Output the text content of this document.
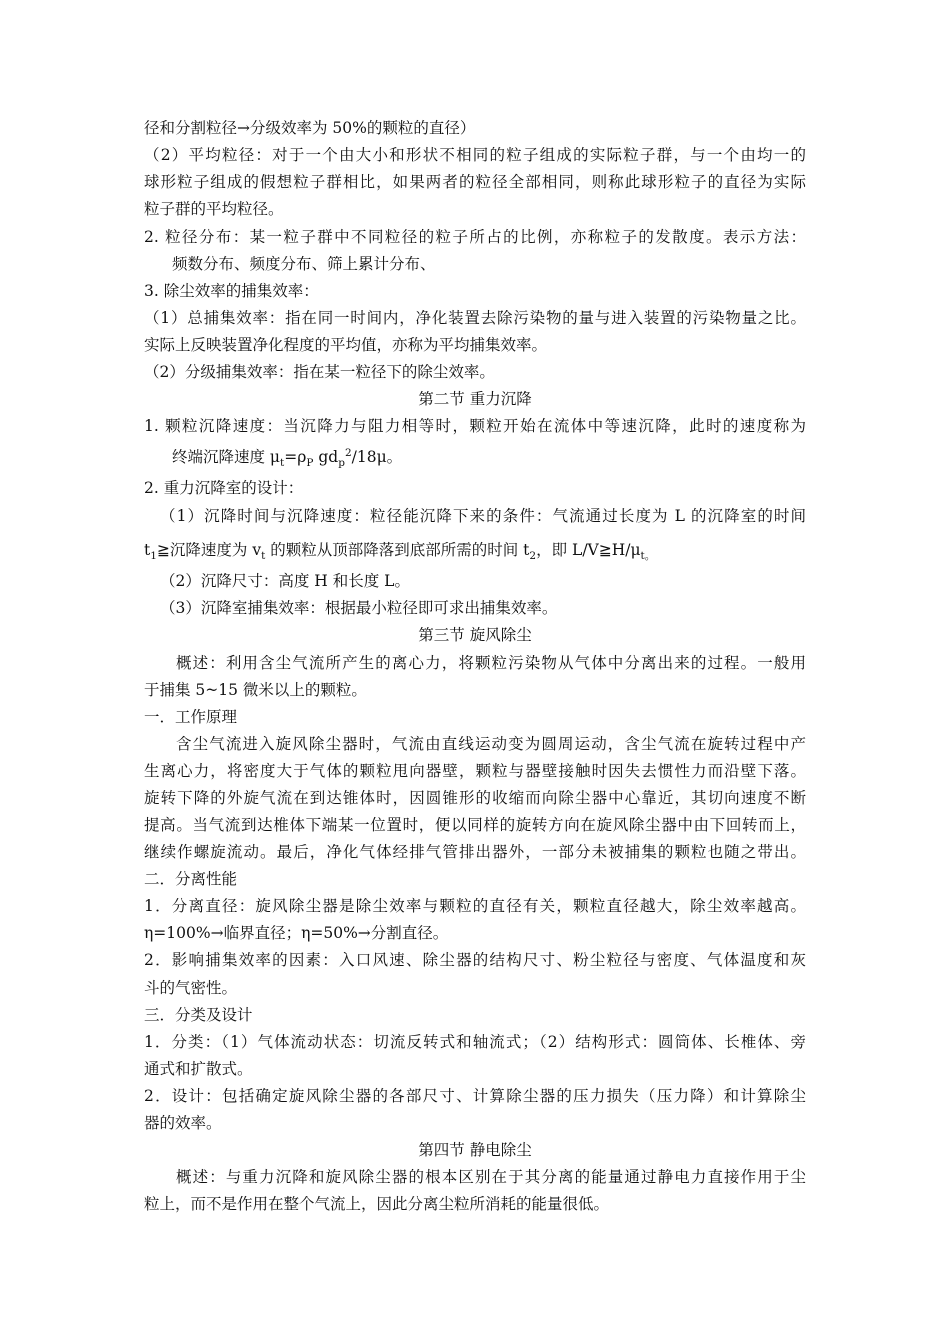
径和分割粒径→分级效率为 50%的颗粒的直径）
（2）平均粒径：对于一个由大小和形状不相同的粒子组成的实际粒子群，与一个由均一的
球形粒子组成的假想粒子群相比，如果两者的粒径全部相同，则称此球形粒子的直径为实际
粒子群的平均粒径。
2. 粒径分布：某一粒子群中不同粒径的粒子所占的比例，亦称粒子的发散度。表示方法：
频数分布、频度分布、筛上累计分布、
3. 除尘效率的捕集效率：
（1）总捕集效率：指在同一时间内，净化装置去除污染物的量与进入装置的污染物量之比。
实际上反映装置净化程度的平均值，亦称为平均捕集效率。
（2）分级捕集效率：指在某一粒径下的除尘效率。
第二节 重力沉降
1. 颗粒沉降速度：当沉降力与阻力相等时，颗粒开始在流体中等速沉降，此时的速度称为
终端沉降速度 $\mu_t=\rho_P$ $gd_p^2/18\mu$。
2. 重力沉降室的设计：
（1）沉降时间与沉降速度：粒径能沉降下来的条件：气流通过长度为 L 的沉降室的时间
$t_1≧$沉降速度为 $v_t$ 的颗粒从顶部降落到底部所需的时间 $t_2$，即 $L/V≧H/\mu_{t。}$
（2）沉降尺寸：高度 H 和长度 L。
（3）沉降室捕集效率：根据最小粒径即可求出捕集效率。
第三节 旋风除尘
概述：利用含尘气流所产生的离心力，将颗粒污染物从气体中分离出来的过程。一般用
于捕集 5~15 微米以上的颗粒。
一．工作原理
含尘气流进入旋风除尘器时，气流由直线运动变为圆周运动，含尘气流在旋转过程中产
生离心力，将密度大于气体的颗粒甩向器壁，颗粒与器壁接触时因失去惯性力而沿壁下落。
旋转下降的外旋气流在到达锥体时，因圆锥形的收缩而向除尘器中心靠近，其切向速度不断
提高。当气流到达椎体下端某一位置时，便以同样的旋转方向在旋风除尘器中由下回转而上，
继续作螺旋流动。最后，净化气体经排气管排出器外，一部分未被捕集的颗粒也随之带出。
二．分离性能
1．分离直径：旋风除尘器是除尘效率与颗粒的直径有关，颗粒直径越大，除尘效率越高。
η=100%→临界直径；η=50%→分割直径。
2．影响捕集效率的因素：入口风速、除尘器的结构尺寸、粉尘粒径与密度、气体温度和灰
斗的气密性。
三．分类及设计
1．分类：（1）气体流动状态：切流反转式和轴流式；（2）结构形式：圆筒体、长椎体、旁
通式和扩散式。
2．设计：包括确定旋风除尘器的各部尺寸、计算除尘器的压力损失（压力降）和计算除尘
器的效率。
第四节 静电除尘
概述：与重力沉降和旋风除尘器的根本区别在于其分离的能量通过静电力直接作用于尘
粒上，而不是作用在整个气流上，因此分离尘粒所消耗的能量很低。
